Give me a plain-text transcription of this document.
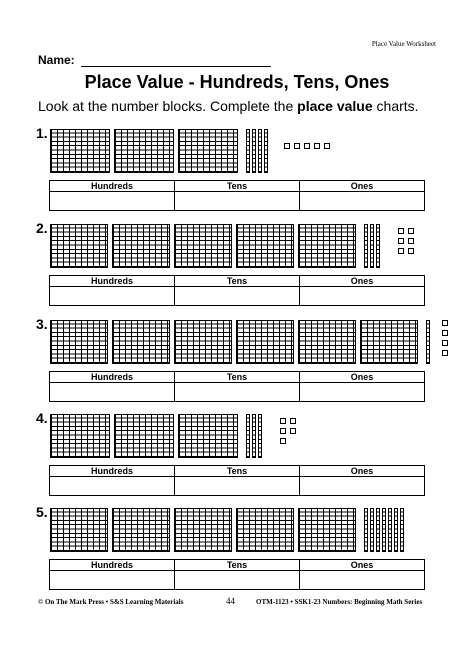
Place Value Worksheet
Name:
Place Value - Hundreds, Tens, Ones
Look at the number blocks. Complete the place value charts.
1.
Hundreds	Tens	Ones

2.
Hundreds	Tens	Ones

3.
Hundreds	Tens	Ones

4.
Hundreds	Tens	Ones

5.
Hundreds	Tens	Ones

© On The Mark Press • S&S Learning Materials	44	OTM-1123 • SSK1-23 Numbers: Beginning Math Series
